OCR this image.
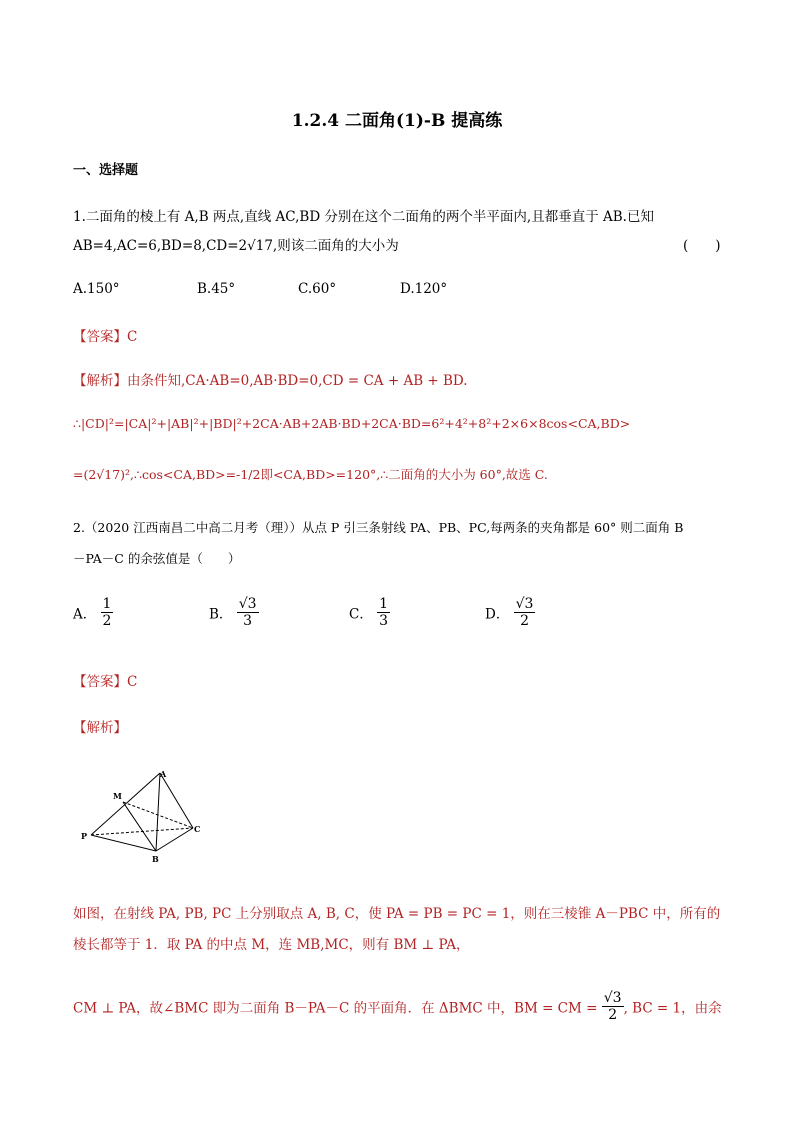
1.2.4 二面角(1)-B 提高练
一、选择题
1.二面角的棱上有 A,B 两点,直线 AC,BD 分别在这个二面角的两个半平面内,且都垂直于 AB.已知
AB=4,AC=6,BD=8,CD=2√17,则该二面角的大小为	(　　)
A.150°	B.45°	C.60°	D.120°
【答案】C
【解析】由条件知,CA·AB=0,AB·BD=0,CD = CA + AB + BD.
∴|CD|²=|CA|²+|AB|²+|BD|²+2CA·AB+2AB·BD+2CA·BD=6²+4²+8²+2×6×8cos<CA,BD>
=(2√17)²,∴cos<CA,BD>=-1/2即<CA,BD>=120°,∴二面角的大小为 60°,故选 C.
2.（2020 江西南昌二中高二月考（理））从点 P 引三条射线 PA、PB、PC,每两条的夹角都是 60° 则二面角 B
－PA－C 的余弦值是（　　）
A． $\frac{1}{2}$	B． $\frac{√3}{3}$	C． $\frac{1}{3}$	D． $\frac{√3}{2}$
【答案】C
【解析】
A
M
P
C
B
如图，在射线 PA, PB, PC 上分别取点 A, B, C，使 PA = PB = PC = 1，则在三棱锥 A－PBC 中，所有的
棱长都等于 1．取 PA 的中点 M，连 MB,MC，则有 BM ⊥ PA，
CM ⊥ PA，故∠BMC 即为二面角 B－PA－C 的平面角．在 ΔBMC 中，BM = CM = $\frac{√3}{2}$ , BC = 1，由余
